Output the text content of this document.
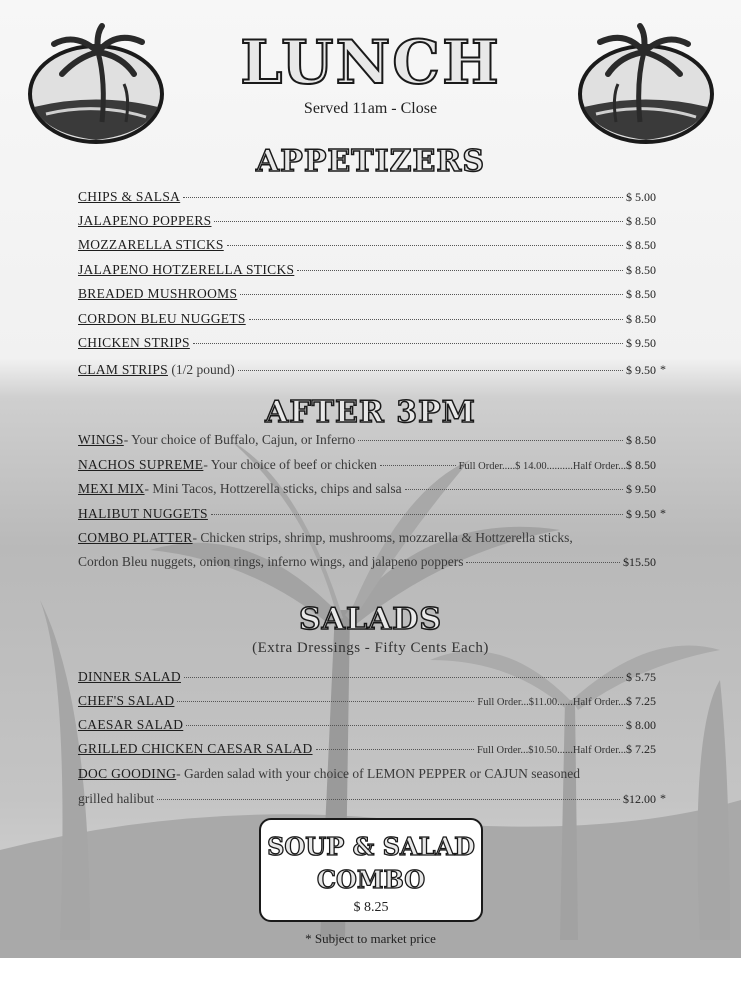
LUNCH
Served 11am - Close
APPETIZERS
CHIPS & SALSA	$ 5.00
JALAPENO POPPERS	$ 8.50
MOZZARELLA STICKS	$ 8.50
JALAPENO HOTZERELLA STICKS	$ 8.50
BREADED MUSHROOMS	$ 8.50
CORDON BLEU NUGGETS	$ 8.50
CHICKEN STRIPS	$ 9.50
CLAM STRIPS (1/2 pound)	$ 9.50 *
AFTER 3PM
WINGS - Your choice of Buffalo, Cajun, or Inferno	$ 8.50
NACHOS SUPREME - Your choice of beef or chicken	Full Order.....$ 14.00..........Half Order... $ 8.50
MEXI MIX - Mini Tacos, Hottzerella sticks, chips and salsa	$ 9.50
HALIBUT NUGGETS	$ 9.50 *
COMBO PLATTER - Chicken strips, shrimp, mushrooms, mozzarella & Hottzerella sticks,
Cordon Bleu nuggets, onion rings, inferno wings, and jalapeno poppers	$15.50
SALADS
(Extra Dressings - Fifty Cents Each)
DINNER SALAD	$ 5.75
CHEF'S SALAD	Full Order...$11.00......Half Order... $ 7.25
CAESAR SALAD	$ 8.00
GRILLED CHICKEN CAESAR SALAD	Full Order...$10.50......Half Order... $ 7.25
DOC GOODING - Garden salad with your choice of LEMON PEPPER or CAJUN seasoned
grilled halibut	$12.00 *
SOUP & SALAD
COMBO
$ 8.25
* Subject to market price
